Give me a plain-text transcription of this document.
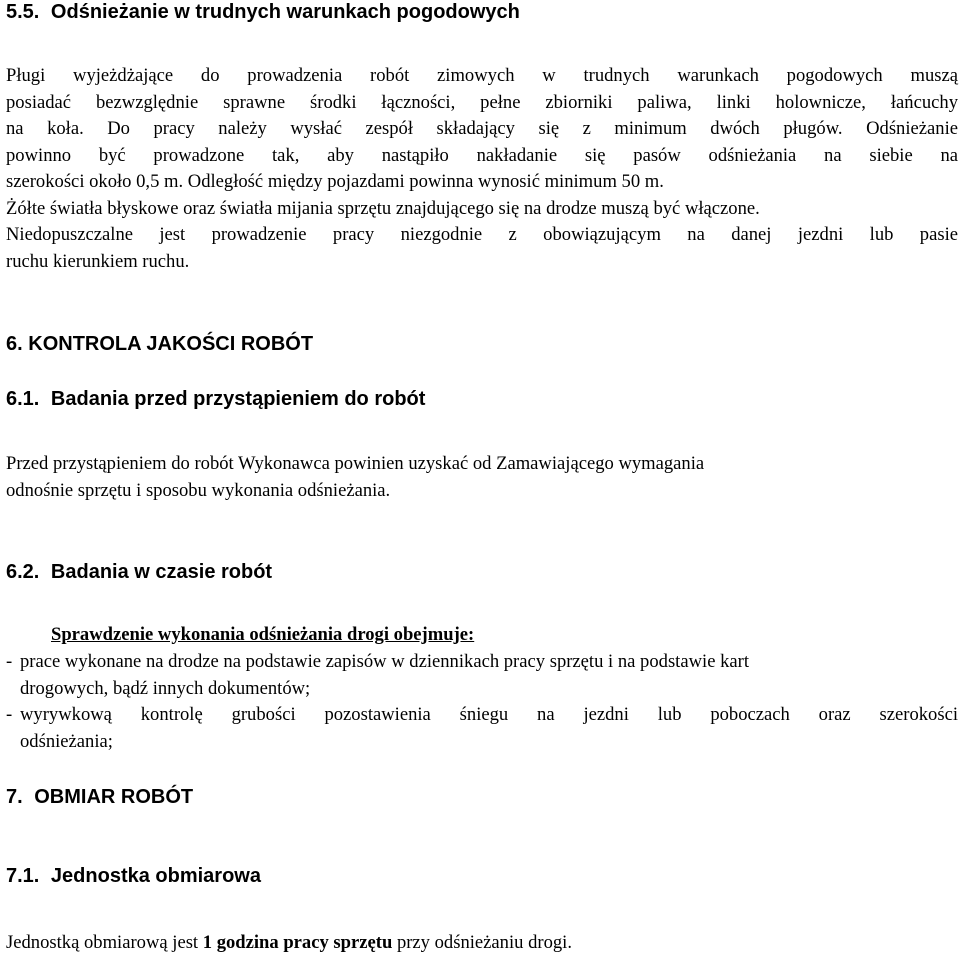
5.5. Odśnieżanie w trudnych warunkach pogodowych
Pługi wyjeżdżające do prowadzenia robót zimowych w trudnych warunkach pogodowych muszą
posiadać bezwzględnie sprawne środki łączności, pełne zbiorniki paliwa, linki holownicze, łańcuchy
na koła. Do pracy należy wysłać zespół składający się z minimum dwóch pługów. Odśnieżanie
powinno być prowadzone tak, aby nastąpiło nakładanie się pasów odśnieżania na siebie na
szerokości około 0,5 m. Odległość między pojazdami powinna wynosić minimum 50 m.
Żółte światła błyskowe oraz światła mijania sprzętu znajdującego się na drodze muszą być włączone.
Niedopuszczalne jest prowadzenie pracy niezgodnie z obowiązującym na danej jezdni lub pasie
ruchu kierunkiem ruchu.
6. KONTROLA JAKOŚCI ROBÓT
6.1. Badania przed przystąpieniem do robót
Przed przystąpieniem do robót Wykonawca powinien uzyskać od Zamawiającego wymagania
odnośnie sprzętu i sposobu wykonania odśnieżania.
6.2. Badania w czasie robót
Sprawdzenie wykonania odśnieżania drogi obejmuje:
- prace wykonane na drodze na podstawie zapisów w dziennikach pracy sprzętu i na podstawie kart
drogowych, bądź innych dokumentów;
- wyrywkową kontrolę grubości pozostawienia śniegu na jezdni lub poboczach oraz szerokości
odśnieżania;
7. OBMIAR ROBÓT
7.1. Jednostka obmiarowa
Jednostką obmiarową jest 1 godzina pracy sprzętu przy odśnieżaniu drogi.
